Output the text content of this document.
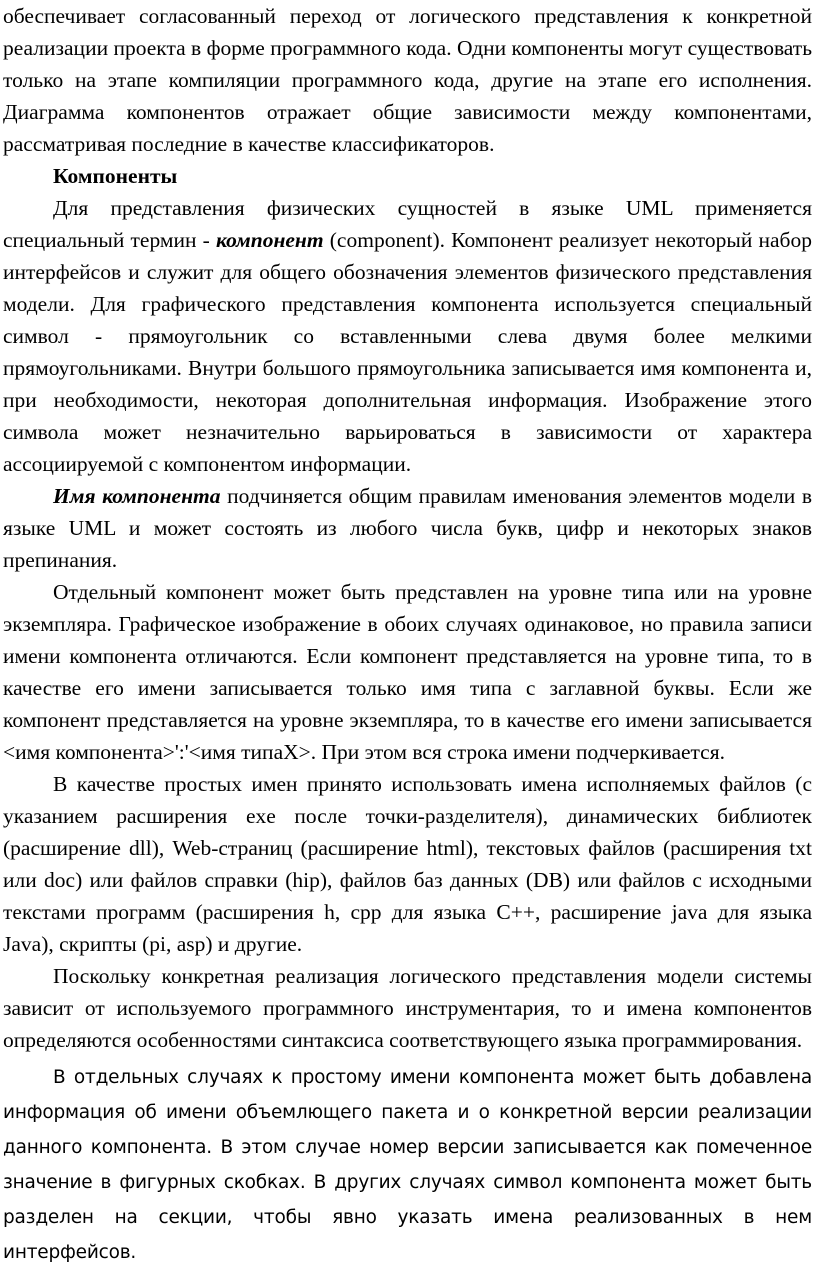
обеспечивает согласованный переход от логического представления к конкретной реализации проекта в форме программного кода. Одни компоненты могут существовать только на этапе компиляции программного кода, другие на этапе его исполнения. Диаграмма компонентов отражает общие зависимости между компонентами, рассматривая последние в качестве классификаторов.

Компоненты

Для представления физических сущностей в языке UML применяется специальный термин - компонент (component). Компонент реализует некоторый набор интерфейсов и служит для общего обозначения элементов физического представления модели. Для графического представления компонента используется специальный символ - прямоугольник со вставленными слева двумя более мелкими прямоугольниками. Внутри большого прямоугольника записывается имя компонента и, при необходимости, некоторая дополнительная информация. Изображение этого символа может незначительно варьироваться в зависимости от характера ассоциируемой с компонентом информации.

Имя компонента подчиняется общим правилам именования элементов модели в языке UML и может состоять из любого числа букв, цифр и некоторых знаков препинания.

Отдельный компонент может быть представлен на уровне типа или на уровне экземпляра. Графическое изображение в обоих случаях одинаковое, но правила записи имени компонента отличаются. Если компонент представляется на уровне типа, то в качестве его имени записывается только имя типа с заглавной буквы. Если же компонент представляется на уровне экземпляра, то в качестве его имени записывается <имя компонента>':'<имя типаХ>. При этом вся строка имени подчеркивается.

В качестве простых имен принято использовать имена исполняемых файлов (с указанием расширения exe после точки-разделителя), динамических библиотек (расширение dll), Web-страниц (расширение html), текстовых файлов (расширения txt или doc) или файлов справки (hip), файлов баз данных (DB) или файлов с исходными текстами программ (расширения h, cpp для языка С++, расширение java для языка Java), скрипты (pi, asp) и другие.

Поскольку конкретная реализация логического представления модели системы зависит от используемого программного инструментария, то и имена компонентов определяются особенностями синтаксиса соответствующего языка программирования.

В отдельных случаях к простому имени компонента может быть добавлена информация об имени объемлющего пакета и о конкретной версии реализации данного компонента. В этом случае номер версии записывается как помеченное значение в фигурных скобках. В других случаях символ компонента может быть разделен на секции, чтобы явно указать имена реализованных в нем интерфейсов.
